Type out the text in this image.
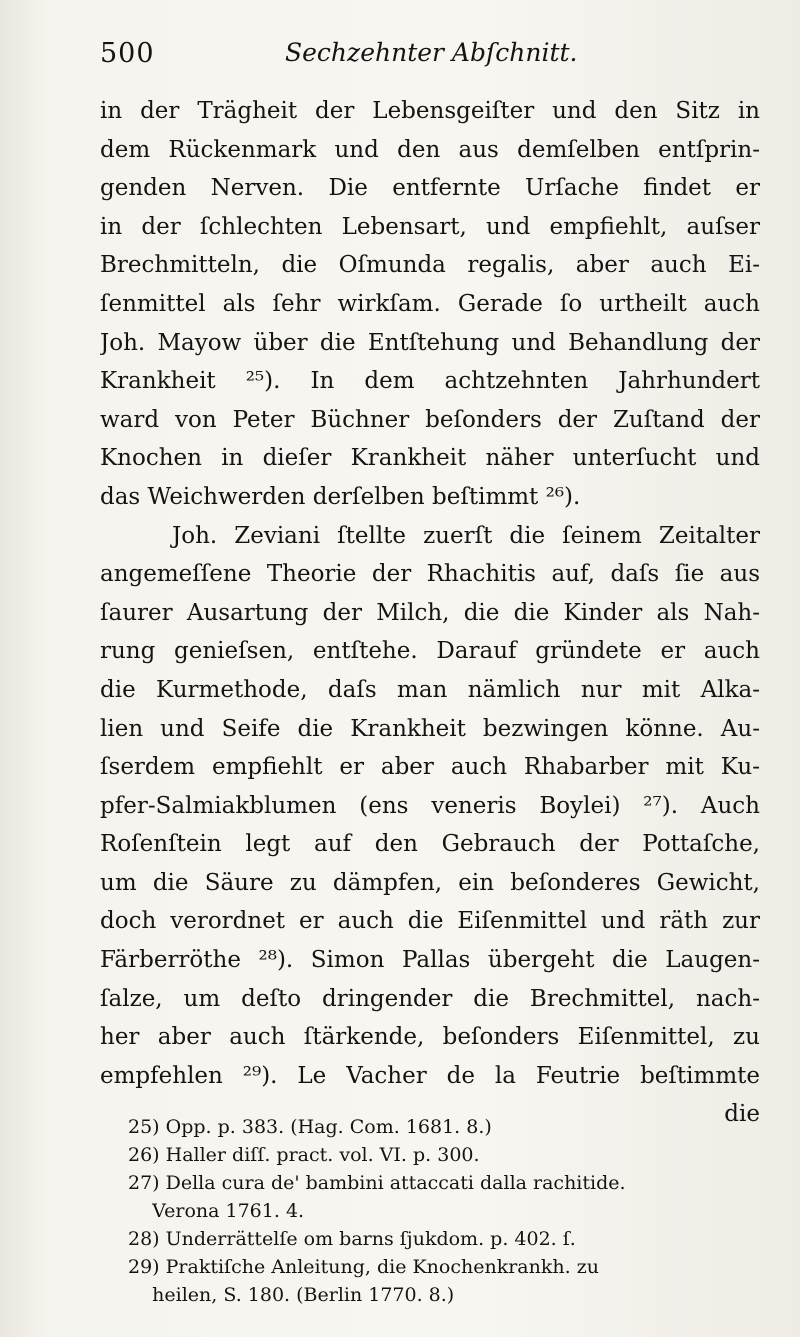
500	Sechzehnter Abſchnitt.
in der Trägheit der Lebensgeiſter und den Sitz in
dem Rückenmark und den aus demſelben entſprin-
genden Nerven. Die entfernte Urſache findet er
in der ſchlechten Lebensart, und empfiehlt, auſser
Brechmitteln, die Oſmunda regalis, aber auch Ei-
ſenmittel als ſehr wirkſam. Gerade ſo urtheilt auch
Joh. Mayow über die Entſtehung und Behandlung der
Krankheit ²⁵). In dem achtzehnten Jahrhundert
ward von Peter Büchner beſonders der Zuſtand der
Knochen in dieſer Krankheit näher unterſucht und
das Weichwerden derſelben beſtimmt ²⁶).
Joh. Zeviani ſtellte zuerſt die ſeinem Zeitalter
angemeſſene Theorie der Rhachitis auf, daſs ſie aus
ſaurer Ausartung der Milch, die die Kinder als Nah-
rung genieſsen, entſtehe. Darauf gründete er auch
die Kurmethode, daſs man nämlich nur mit Alka-
lien und Seife die Krankheit bezwingen könne. Au-
ſserdem empfiehlt er aber auch Rhabarber mit Ku-
pfer-Salmiakblumen (ens veneris Boylei) ²⁷). Auch
Roſenſtein legt auf den Gebrauch der Pottaſche,
um die Säure zu dämpfen, ein beſonderes Gewicht,
doch verordnet er auch die Eiſenmittel und räth zur
Färberröthe ²⁸). Simon Pallas übergeht die Laugen-
ſalze, um deſto dringender die Brechmittel, nach-
her aber auch ſtärkende, beſonders Eiſenmittel, zu
empfehlen ²⁹). Le Vacher de la Feutrie beſtimmte
die
25) Opp. p. 383. (Hag. Com. 1681. 8.)
26) Haller diſſ. pract. vol. VI. p. 300.
27) Della cura de' bambini attaccati dalla rachitide.
Verona 1761. 4.
28) Underrättelſe om barns ſjukdom. p. 402. ſ.
29) Praktiſche Anleitung, die Knochenkrankh. zu
heilen, S. 180. (Berlin 1770. 8.)
